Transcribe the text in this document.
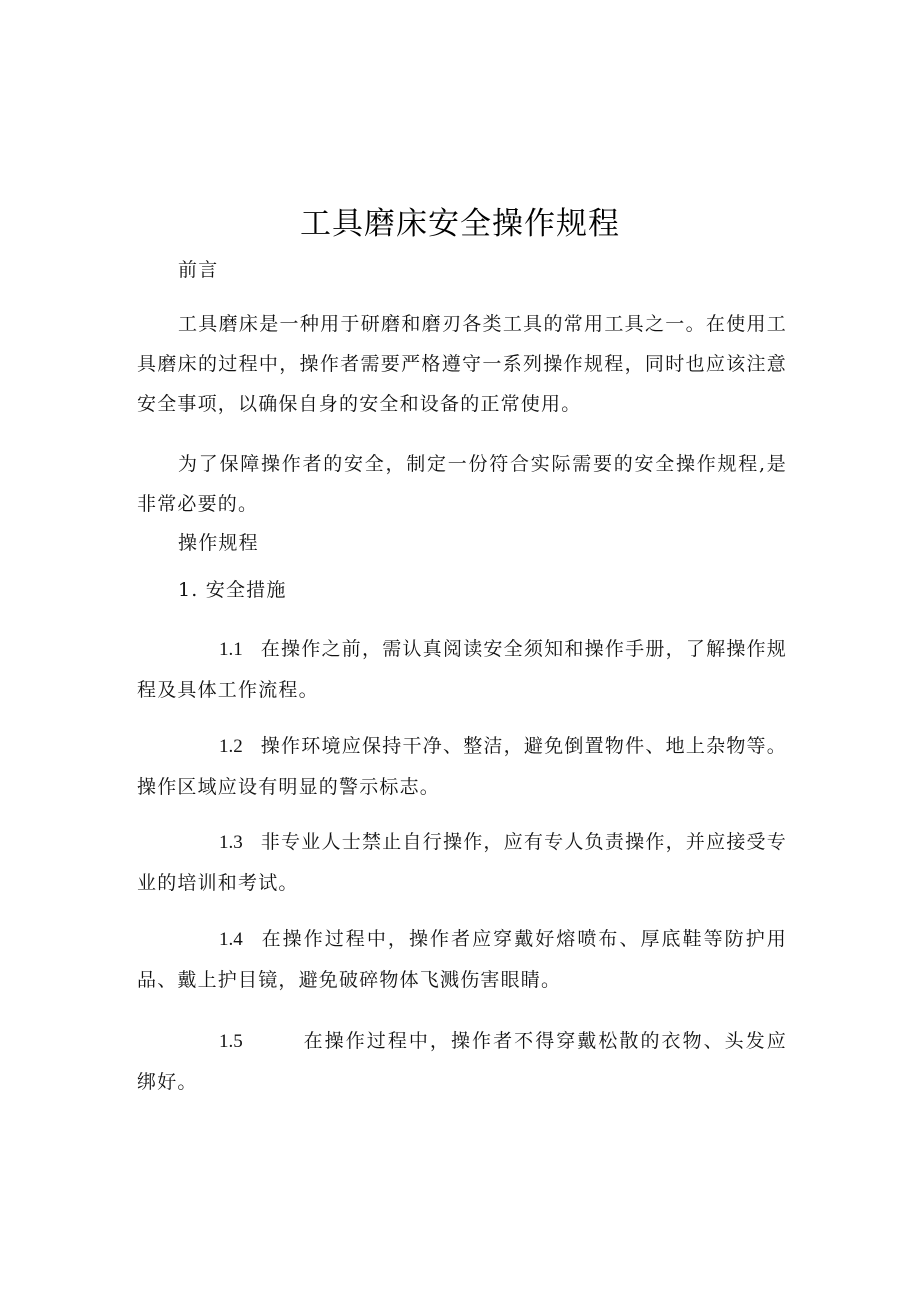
工具磨床安全操作规程
前言
工具磨床是一种用于研磨和磨刃各类工具的常用工具之一。在使用工具磨床的过程中，操作者需要严格遵守一系列操作规程，同时也应该注意安全事项，以确保自身的安全和设备的正常使用。
为了保障操作者的安全，制定一份符合实际需要的安全操作规程,是非常必要的。
操作规程
1. 安全措施
1.1 在操作之前，需认真阅读安全须知和操作手册，了解操作规程及具体工作流程。
1.2 操作环境应保持干净、整洁，避免倒置物件、地上杂物等。操作区域应设有明显的警示标志。
1.3 非专业人士禁止自行操作，应有专人负责操作，并应接受专业的培训和考试。
1.4 在操作过程中，操作者应穿戴好熔喷布、厚底鞋等防护用品、戴上护目镜，避免破碎物体飞溅伤害眼睛。
1.5	在操作过程中，操作者不得穿戴松散的衣物、头发应绑好。
